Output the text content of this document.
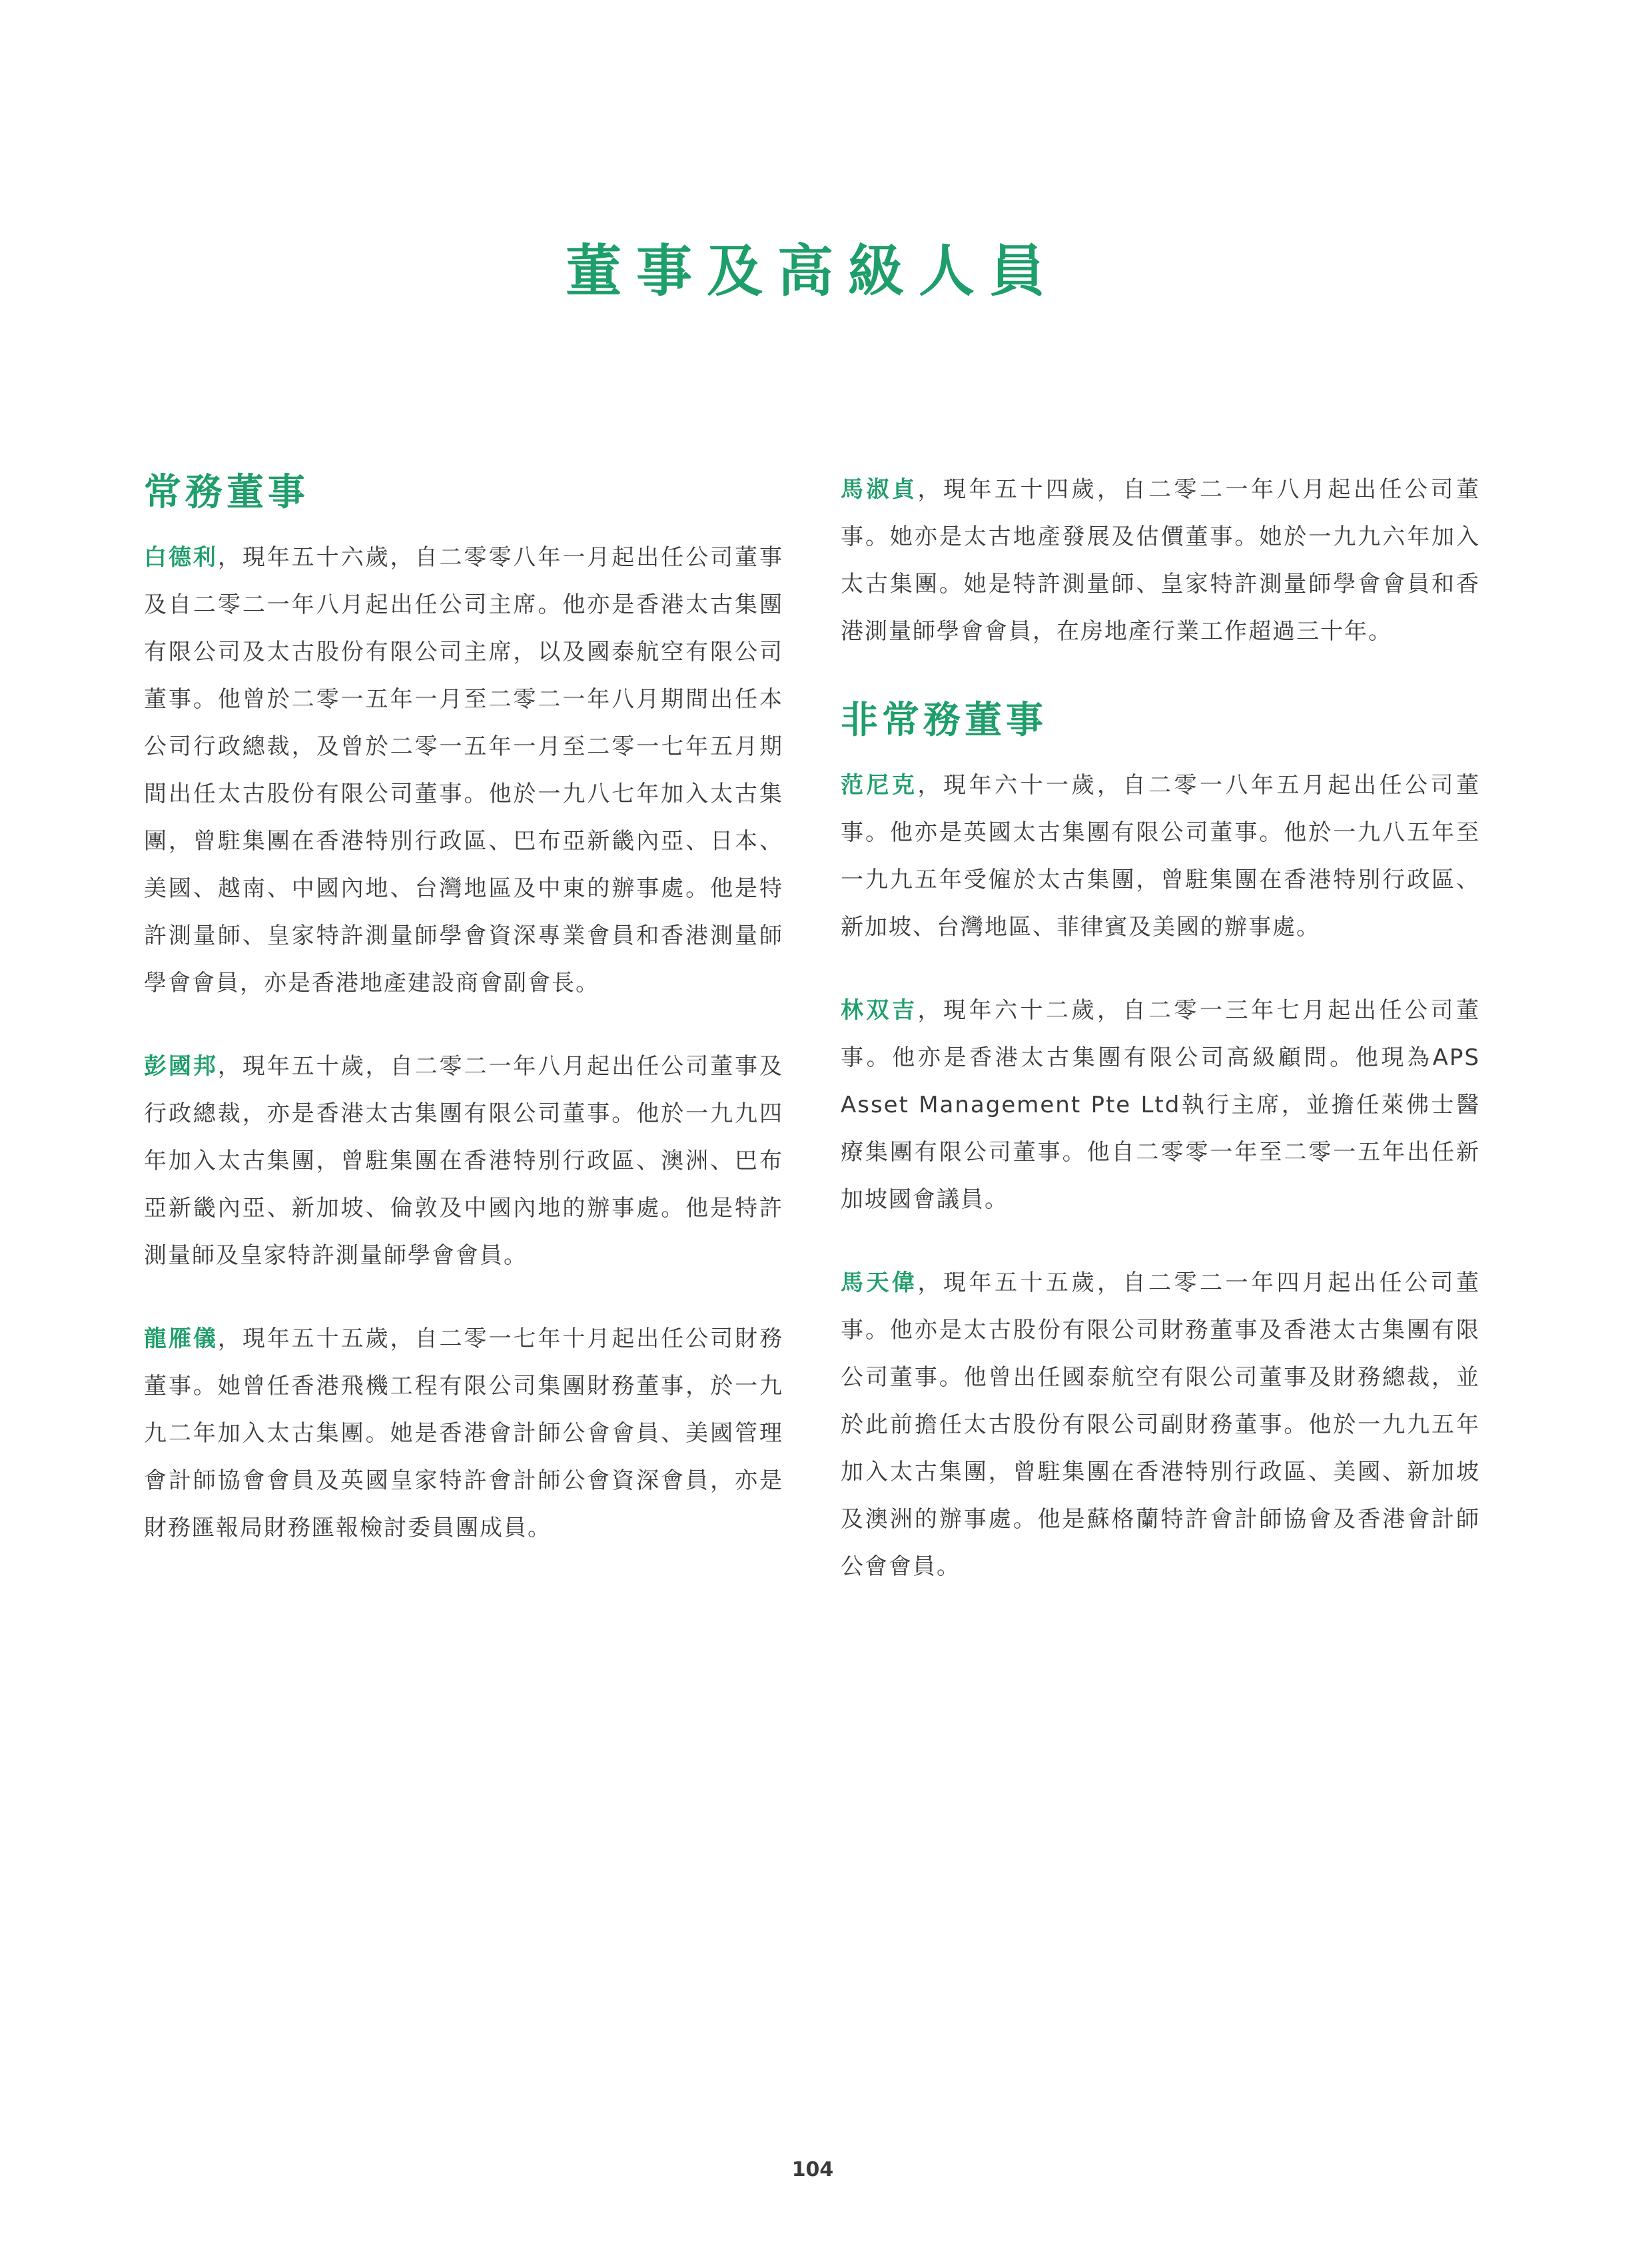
董事及高級人員
常務董事

白德利，現年五十六歲，自二零零八年一月起出任公司董事及自二零二一年八月起出任公司主席。他亦是香港太古集團有限公司及太古股份有限公司主席，以及國泰航空有限公司董事。他曾於二零一五年一月至二零二一年八月期間出任本公司行政總裁，及曾於二零一五年一月至二零一七年五月期間出任太古股份有限公司董事。他於一九八七年加入太古集團，曾駐集團在香港特別行政區、巴布亞新畿內亞、日本、美國、越南、中國內地、台灣地區及中東的辦事處。他是特許測量師、皇家特許測量師學會資深專業會員和香港測量師學會會員，亦是香港地產建設商會副會長。

彭國邦，現年五十歲，自二零二一年八月起出任公司董事及行政總裁，亦是香港太古集團有限公司董事。他於一九九四年加入太古集團，曾駐集團在香港特別行政區、澳洲、巴布亞新畿內亞、新加坡、倫敦及中國內地的辦事處。他是特許測量師及皇家特許測量師學會會員。

龍雁儀，現年五十五歲，自二零一七年十月起出任公司財務董事。她曾任香港飛機工程有限公司集團財務董事，於一九九二年加入太古集團。她是香港會計師公會會員、美國管理會計師協會會員及英國皇家特許會計師公會資深會員，亦是財務匯報局財務匯報檢討委員團成員。

馬淑貞，現年五十四歲，自二零二一年八月起出任公司董事。她亦是太古地產發展及估價董事。她於一九九六年加入太古集團。她是特許測量師、皇家特許測量師學會會員和香港測量師學會會員，在房地產行業工作超過三十年。

非常務董事

范尼克，現年六十一歲，自二零一八年五月起出任公司董事。他亦是英國太古集團有限公司董事。他於一九八五年至一九九五年受僱於太古集團，曾駐集團在香港特別行政區、新加坡、台灣地區、菲律賓及美國的辦事處。

林双吉，現年六十二歲，自二零一三年七月起出任公司董事。他亦是香港太古集團有限公司高級顧問。他現為APS Asset Management Pte Ltd執行主席，並擔任萊佛士醫療集團有限公司董事。他自二零零一年至二零一五年出任新加坡國會議員。

馬天偉，現年五十五歲，自二零二一年四月起出任公司董事。他亦是太古股份有限公司財務董事及香港太古集團有限公司董事。他曾出任國泰航空有限公司董事及財務總裁，並於此前擔任太古股份有限公司副財務董事。他於一九九五年加入太古集團，曾駐集團在香港特別行政區、美國、新加坡及澳洲的辦事處。他是蘇格蘭特許會計師協會及香港會計師公會會員。

104
